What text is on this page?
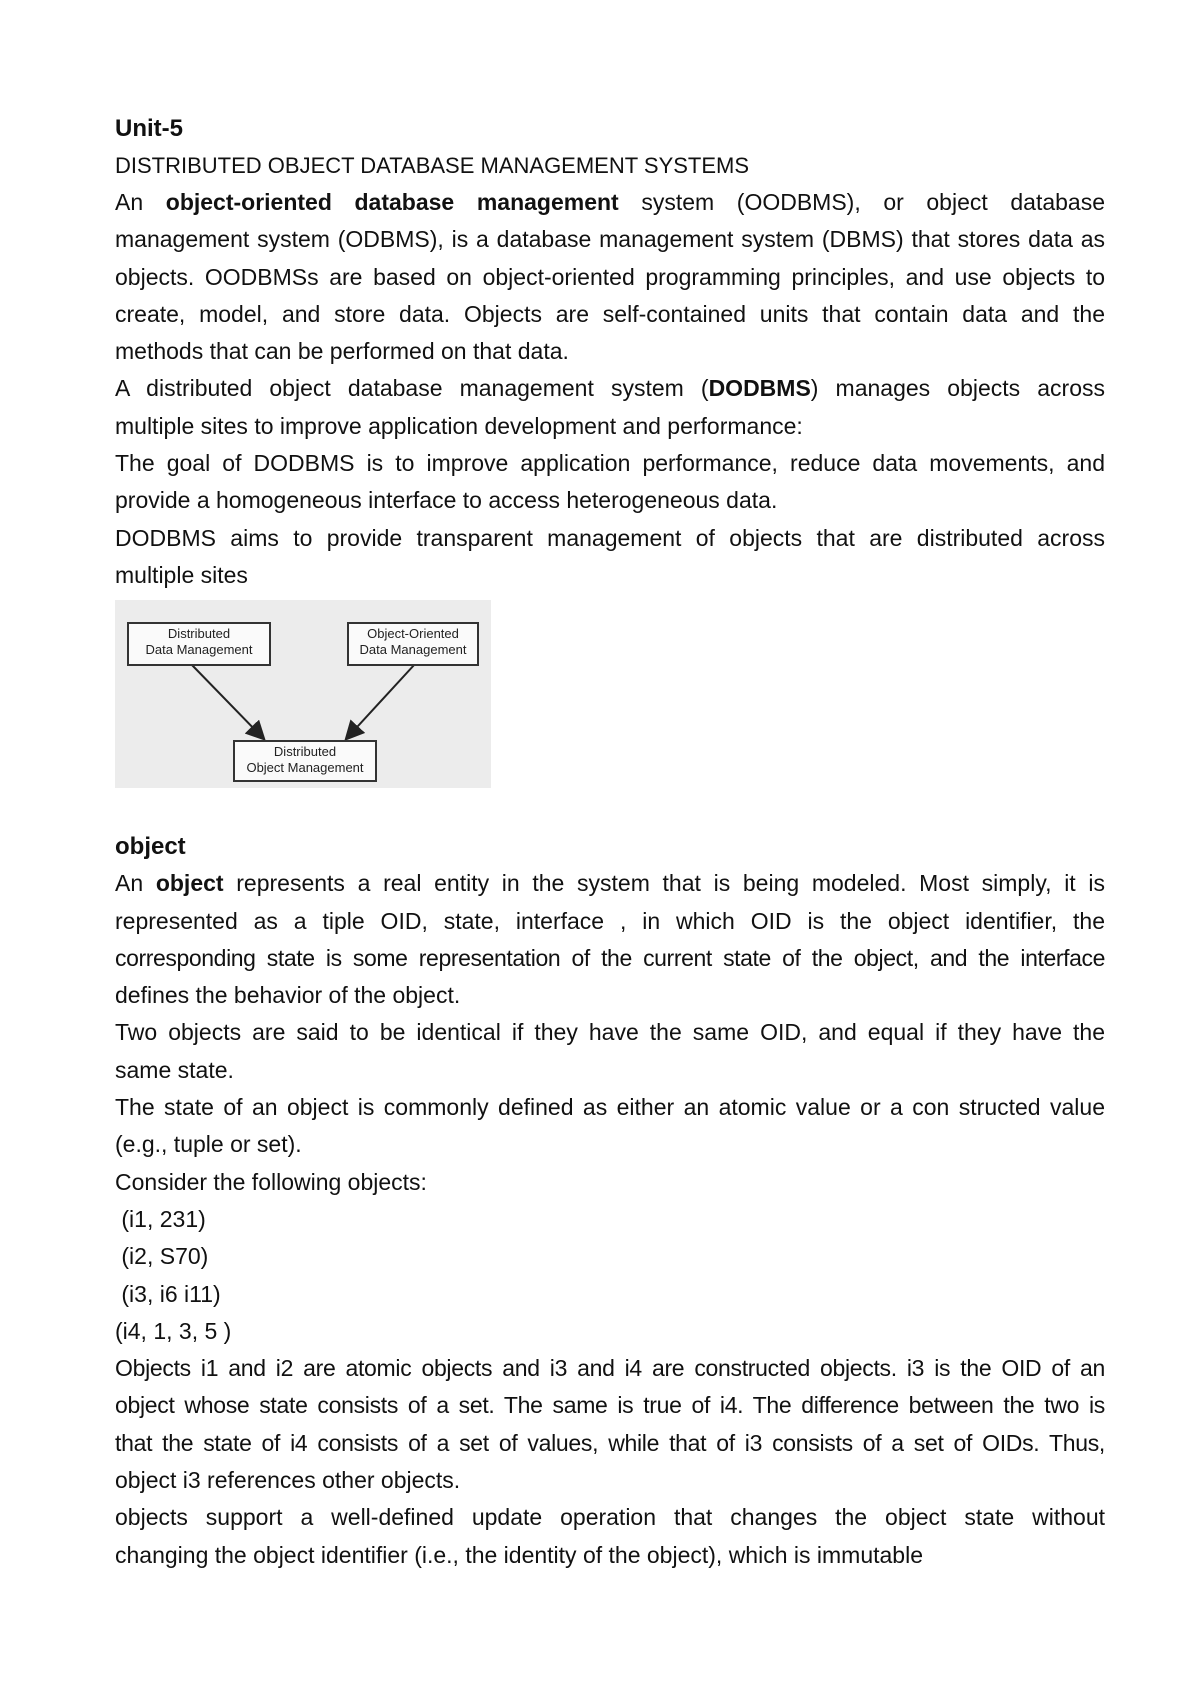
Unit-5
DISTRIBUTED OBJECT DATABASE MANAGEMENT SYSTEMS
An object-oriented database management system (OODBMS), or object database
management system (ODBMS), is a database management system (DBMS) that stores data as
objects. OODBMSs are based on object-oriented programming principles, and use objects to
create, model, and store data. Objects are self-contained units that contain data and the
methods that can be performed on that data.
A distributed object database management system (DODBMS) manages objects across
multiple sites to improve application development and performance:
The goal of DODBMS is to improve application performance, reduce data movements, and
provide a homogeneous interface to access heterogeneous data.
DODBMS aims to provide transparent management of objects that are distributed across
multiple sites
Distributed
Data Management
Object-Oriented
Data Management
Distributed
Object Management
object
An object represents a real entity in the system that is being modeled. Most simply, it is
represented as a tiple OID, state, interface , in which OID is the object identifier, the
corresponding state is some representation of the current state of the object, and the interface
defines the behavior of the object.
Two objects are said to be identical if they have the same OID, and equal if they have the
same state.
The state of an object is commonly defined as either an atomic value or a con structed value
(e.g., tuple or set).
Consider the following objects:
(i1, 231)
(i2, S70)
(i3, i6 i11)
(i4, 1, 3, 5 )
Objects i1 and i2 are atomic objects and i3 and i4 are constructed objects. i3 is the OID of an
object whose state consists of a set. The same is true of i4. The difference between the two is
that the state of i4 consists of a set of values, while that of i3 consists of a set of OIDs. Thus,
object i3 references other objects.
objects support a well-defined update operation that changes the object state without
changing the object identifier (i.e., the identity of the object), which is immutable
